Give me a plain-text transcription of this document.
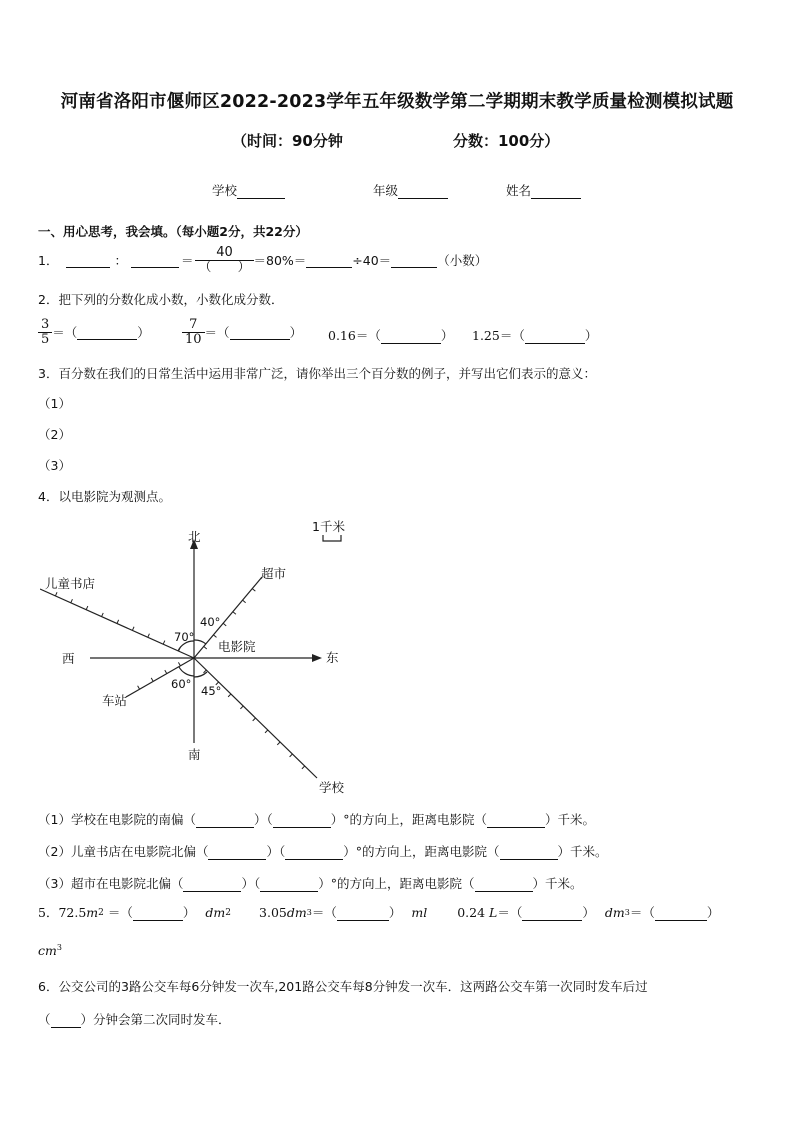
河南省洛阳市偃师区2022-2023学年五年级数学第二学期期末教学质量检测模拟试题
（时间：90分钟	分数：100分）
学校	年级	姓名
一、用心思考，我会填。（每小题2分，共22分）
1．	：	＝ $\frac{40}{( )} =80\%=$	÷40＝	（小数）
2．把下列的分数化成小数，小数化成分数．
$\frac{3}{5}$ ＝（	） $\frac{7}{10}$ ＝（	） 0.16＝（	） 1.25＝（	）
3．百分数在我们的日常生活中运用非常广泛，请你举出三个百分数的例子，并写出它们表示的意义：
（1）
（2）
（3）
4．以电影院为观测点。
北
南
东
西
电影院
超市
儿童书店
车站
学校
40°
70°
60° 45°
1千米
（1）学校在电影院的南偏（	）（	）°的方向上，距离电影院（	）千米。
（2）儿童书店在电影院北偏（	）（	）°的方向上，距离电影院（	）千米。
（3）超市在电影院北偏（	）（	）°的方向上，距离电影院（	）千米。
5．72.5 m 2 ＝（	） dm 2 3.05 dm 3 ＝（	） ml 0.24 L ＝（	） dm 3 ＝（	）
$cm^3$
6．公交公司的3路公交车每6分钟发一次车,201路公交车每8分钟发一次车．这两路公交车第一次同时发车后过
（ ）分钟会第二次同时发车．
